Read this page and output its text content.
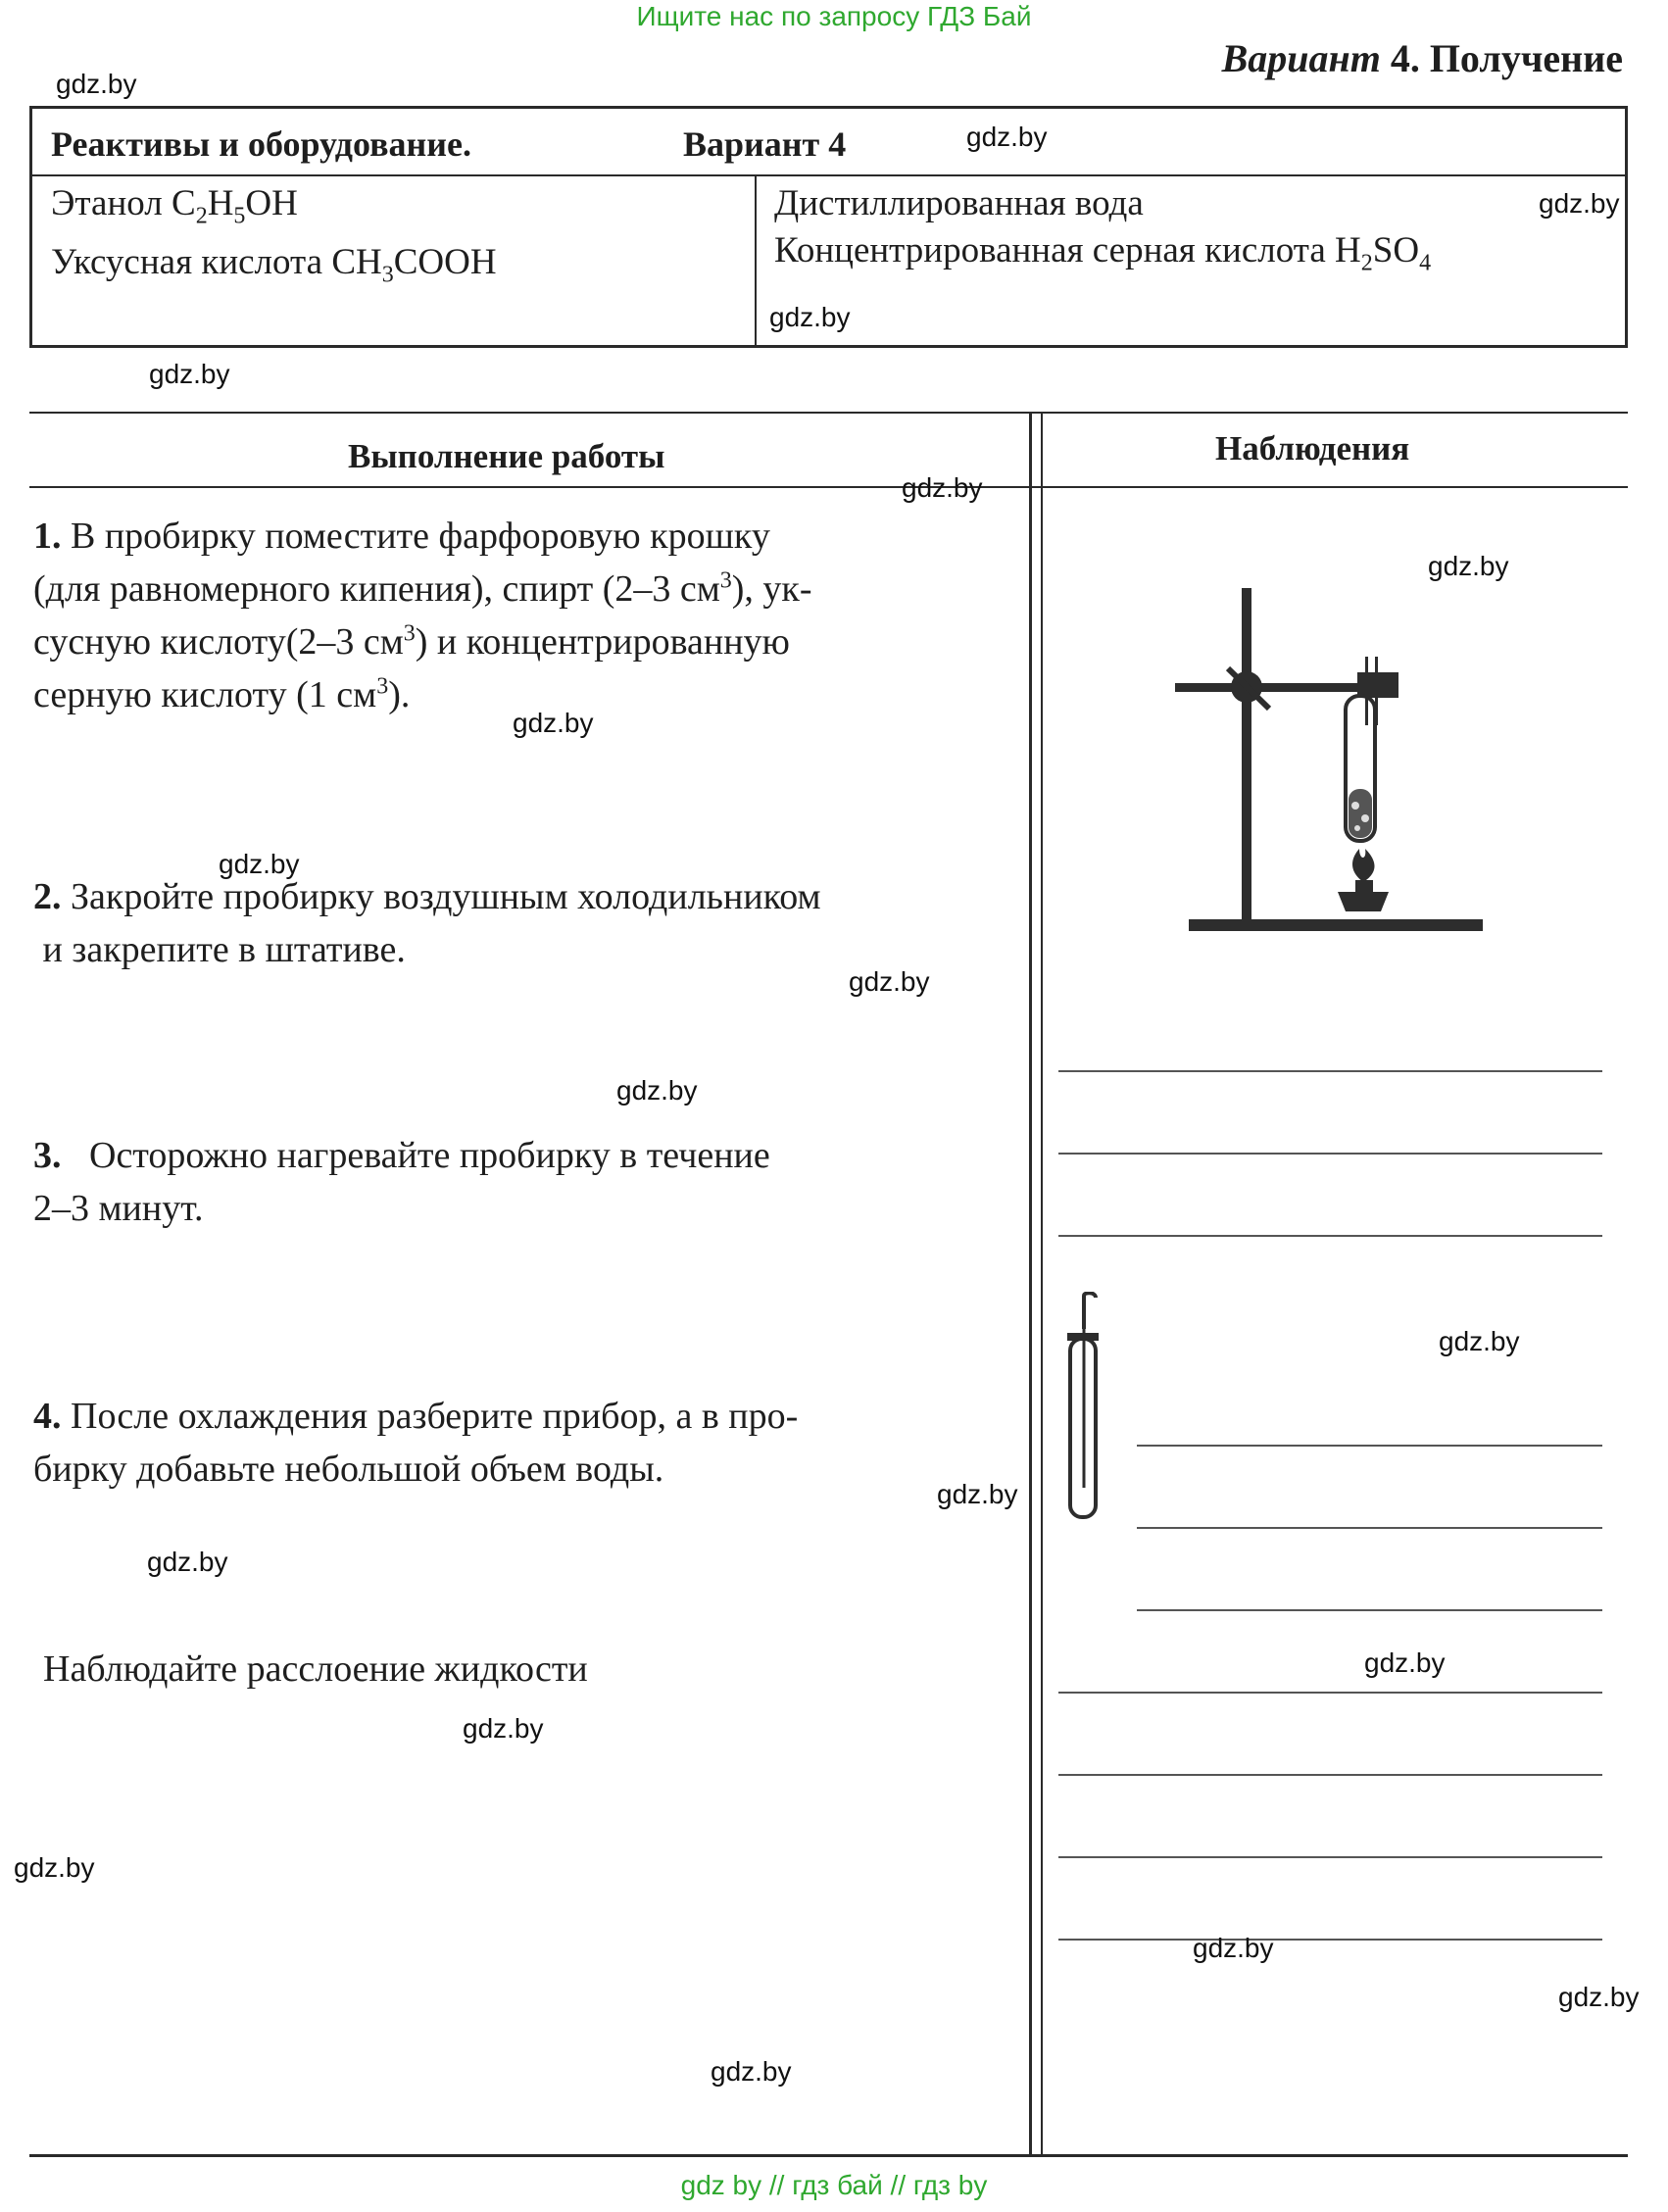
Ищите нас по запросу ГДЗ Бай
gdz by // гдз бай // гдз by
Вариант 4. Получение
Реактивы и оборудование.	Вариант 4
Этанол $C_2H_5OH$
Уксусная кислота $CH_3COOH$
Дистиллированная вода
Концентрированная серная кислота $H_2SO_4$
Выполнение работы	Наблюдения
1. В пробирку поместите фарфоровую крошку
(для равномерного кипения), спирт (2–3 $см^3$), ук-
сусную кислоту(2–3 $см^3$) и концентрированную
серную кислоту (1 $см^3$).
2. Закройте пробирку воздушным холодильником
и закрепите в штативе.
3. Осторожно нагревайте пробирку в течение
2–3 минут.
4. После охлаждения разберите прибор, а в про-
бирку добавьте небольшой объем воды.
Наблюдайте расслоение жидкости
gdz.by
gdz.by
gdz.by
gdz.by
gdz.by
gdz.by
gdz.by
gdz.by
gdz.by
gdz.by
gdz.by
gdz.by
gdz.by
gdz.by
gdz.by
gdz.by
gdz.by
gdz.by
gdz.by
gdz.by
